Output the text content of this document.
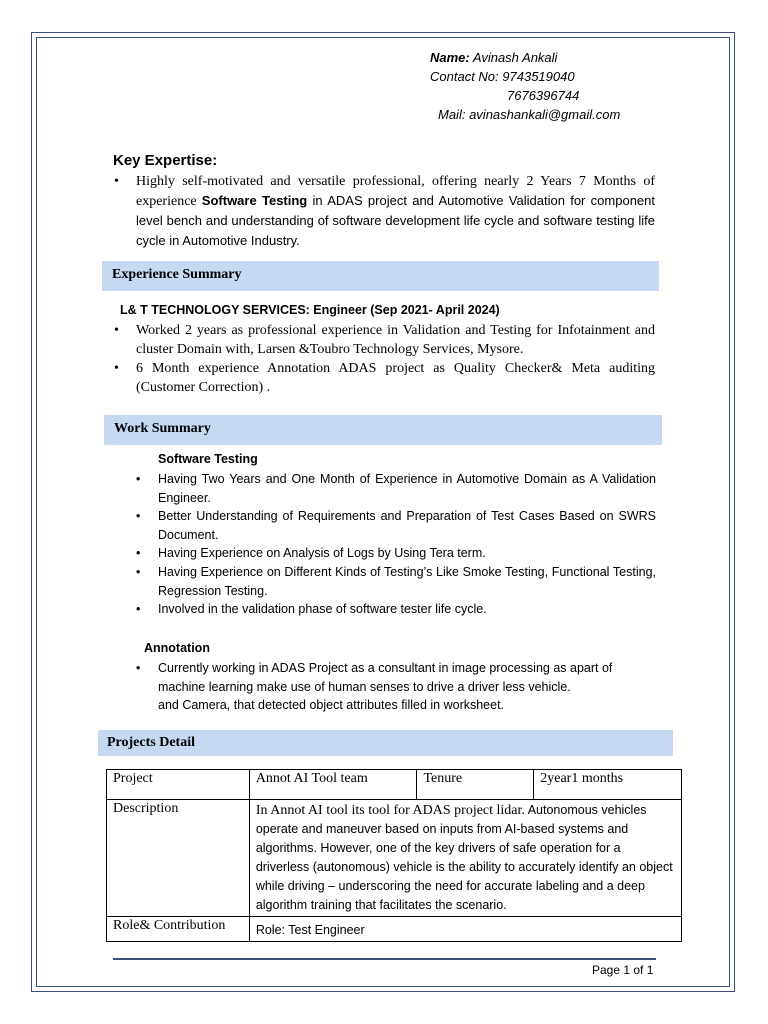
Name: Avinash Ankali
Contact No: 9743519040
7676396744
Mail: avinashankali@gmail.com
Key Expertise:
• Highly self-motivated and versatile professional, offering nearly 2 Years 7 Months of experience Software Testing in ADAS project and Automotive Validation for component level bench and understanding of software development life cycle and software testing life cycle in Automotive Industry.
Experience Summary
L& T TECHNOLOGY SERVICES: Engineer (Sep 2021- April 2024)
• Worked 2 years as professional experience in Validation and Testing for Infotainment and cluster Domain with, Larsen &Toubro Technology Services, Mysore.
• 6 Month experience Annotation ADAS project as Quality Checker& Meta auditing (Customer Correction) .
Work Summary
Software Testing
• Having Two Years and One Month of Experience in Automotive Domain as A Validation Engineer.
• Better Understanding of Requirements and Preparation of Test Cases Based on SWRS Document.
• Having Experience on Analysis of Logs by Using Tera term.
• Having Experience on Different Kinds of Testing’s Like Smoke Testing, Functional Testing, Regression Testing.
• Involved in the validation phase of software tester life cycle.
Annotation
• Currently working in ADAS Project as a consultant in image processing as apart of machine learning make use of human senses to drive a driver less vehicle.
and Camera, that detected object attributes filled in worksheet.
Projects Detail
Project	Annot AI Tool team	Tenure	2year1 months
Description	In Annot AI tool its tool for ADAS project lidar. Autonomous vehicles operate and maneuver based on inputs from AI-based systems and algorithms. However, one of the key drivers of safe operation for a driverless (autonomous) vehicle is the ability to accurately identify an object while driving – underscoring the need for accurate labeling and a deep algorithm training that facilitates the scenario.		
Role& Contribution	Role: Test Engineer		
Page 1 of 1
